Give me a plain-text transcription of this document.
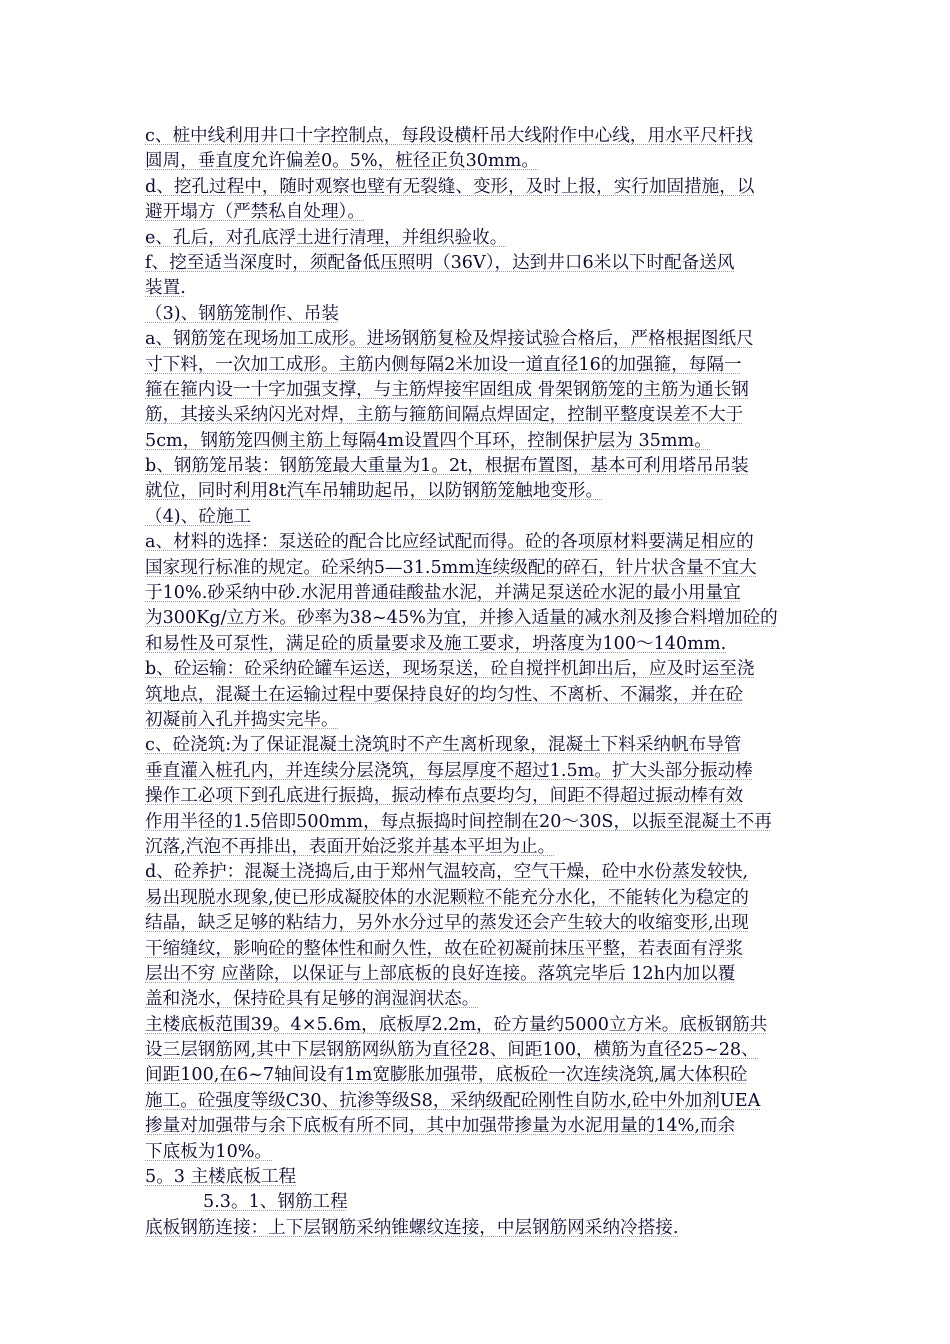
c、桩中线利用井口十字控制点，每段设横杆吊大线附作中心线，用水平尺杆找
圆周，垂直度允许偏差0。5%，桩径正负30mm。
d、挖孔过程中，随时观察也壁有无裂缝、变形，及时上报，实行加固措施，以
避开塌方（严禁私自处理）。
e、孔后，对孔底浮土进行清理，并组织验收。
f、挖至适当深度时，须配备低压照明（36V），达到井口6米以下时配备送风
装置.
（3)、钢筋笼制作、吊装
a、钢筋笼在现场加工成形。进场钢筋复检及焊接试验合格后，严格根据图纸尺
寸下料，一次加工成形。主筋内侧每隔2米加设一道直径16的加强箍，每隔一
箍在箍内设一十字加强支撑，与主筋焊接牢固组成 骨架钢筋笼的主筋为通长钢
筋，其接头采纳闪光对焊，主筋与箍筋间隔点焊固定，控制平整度误差不大于
5cm，钢筋笼四侧主筋上每隔4m设置四个耳环，控制保护层为 35mm。
b、钢筋笼吊装：钢筋笼最大重量为1。2t，根据布置图，基本可利用塔吊吊装
就位，同时利用8t汽车吊辅助起吊，以防钢筋笼触地变形。
（4)、砼施工
a、材料的选择：泵送砼的配合比应经试配而得。砼的各项原材料要满足相应的
国家现行标准的规定。砼采纳5—31.5mm连续级配的碎石，针片状含量不宜大
于10%.砂采纳中砂.水泥用普通硅酸盐水泥，并满足泵送砼水泥的最小用量宜
为300Kg/立方米。砂率为38~45%为宜，并掺入适量的减水剂及掺合料增加砼的
和易性及可泵性，满足砼的质量要求及施工要求，坍落度为100～140mm.
b、砼运输：砼采纳砼罐车运送，现场泵送，砼自搅拌机卸出后，应及时运至浇
筑地点，混凝土在运输过程中要保持良好的均匀性、不离析、不漏浆，并在砼
初凝前入孔并捣实完毕。
c、砼浇筑:为了保证混凝土浇筑时不产生离析现象，混凝土下料采纳帆布导管
垂直灌入桩孔内，并连续分层浇筑，每层厚度不超过1.5m。扩大头部分振动棒
操作工必项下到孔底进行振捣，振动棒布点要均匀，间距不得超过振动棒有效
作用半径的1.5倍即500mm，每点振捣时间控制在20～30S，以振至混凝土不再
沉落,汽泡不再排出，表面开始泛浆并基本平坦为止。
d、砼养护：混凝土浇捣后,由于郑州气温较高，空气干燥，砼中水份蒸发较快,
易出现脱水现象,使已形成凝胶体的水泥颗粒不能充分水化，不能转化为稳定的
结晶，缺乏足够的粘结力，另外水分过早的蒸发还会产生较大的收缩变形,出现
干缩缝纹，影响砼的整体性和耐久性，故在砼初凝前抹压平整，若表面有浮浆
层出不穷 应凿除，以保证与上部底板的良好连接。落筑完毕后 12h内加以覆
盖和浇水，保持砼具有足够的润湿润状态。
主楼底板范围39。4×5.6m，底板厚2.2m，砼方量约5000立方米。底板钢筋共
设三层钢筋网,其中下层钢筋网纵筋为直径28、间距100，横筋为直径25~28、
间距100,在6~7轴间设有1m宽膨胀加强带，底板砼一次连续浇筑,属大体积砼
施工。砼强度等级C30、抗渗等级S8，采纳级配砼刚性自防水,砼中外加剂UEA
掺量对加强带与余下底板有所不同，其中加强带掺量为水泥用量的14%,而余
下底板为10%。
5。3 主楼底板工程
5.3。1、钢筋工程
底板钢筋连接：上下层钢筋采纳锥螺纹连接，中层钢筋网采纳冷搭接.
